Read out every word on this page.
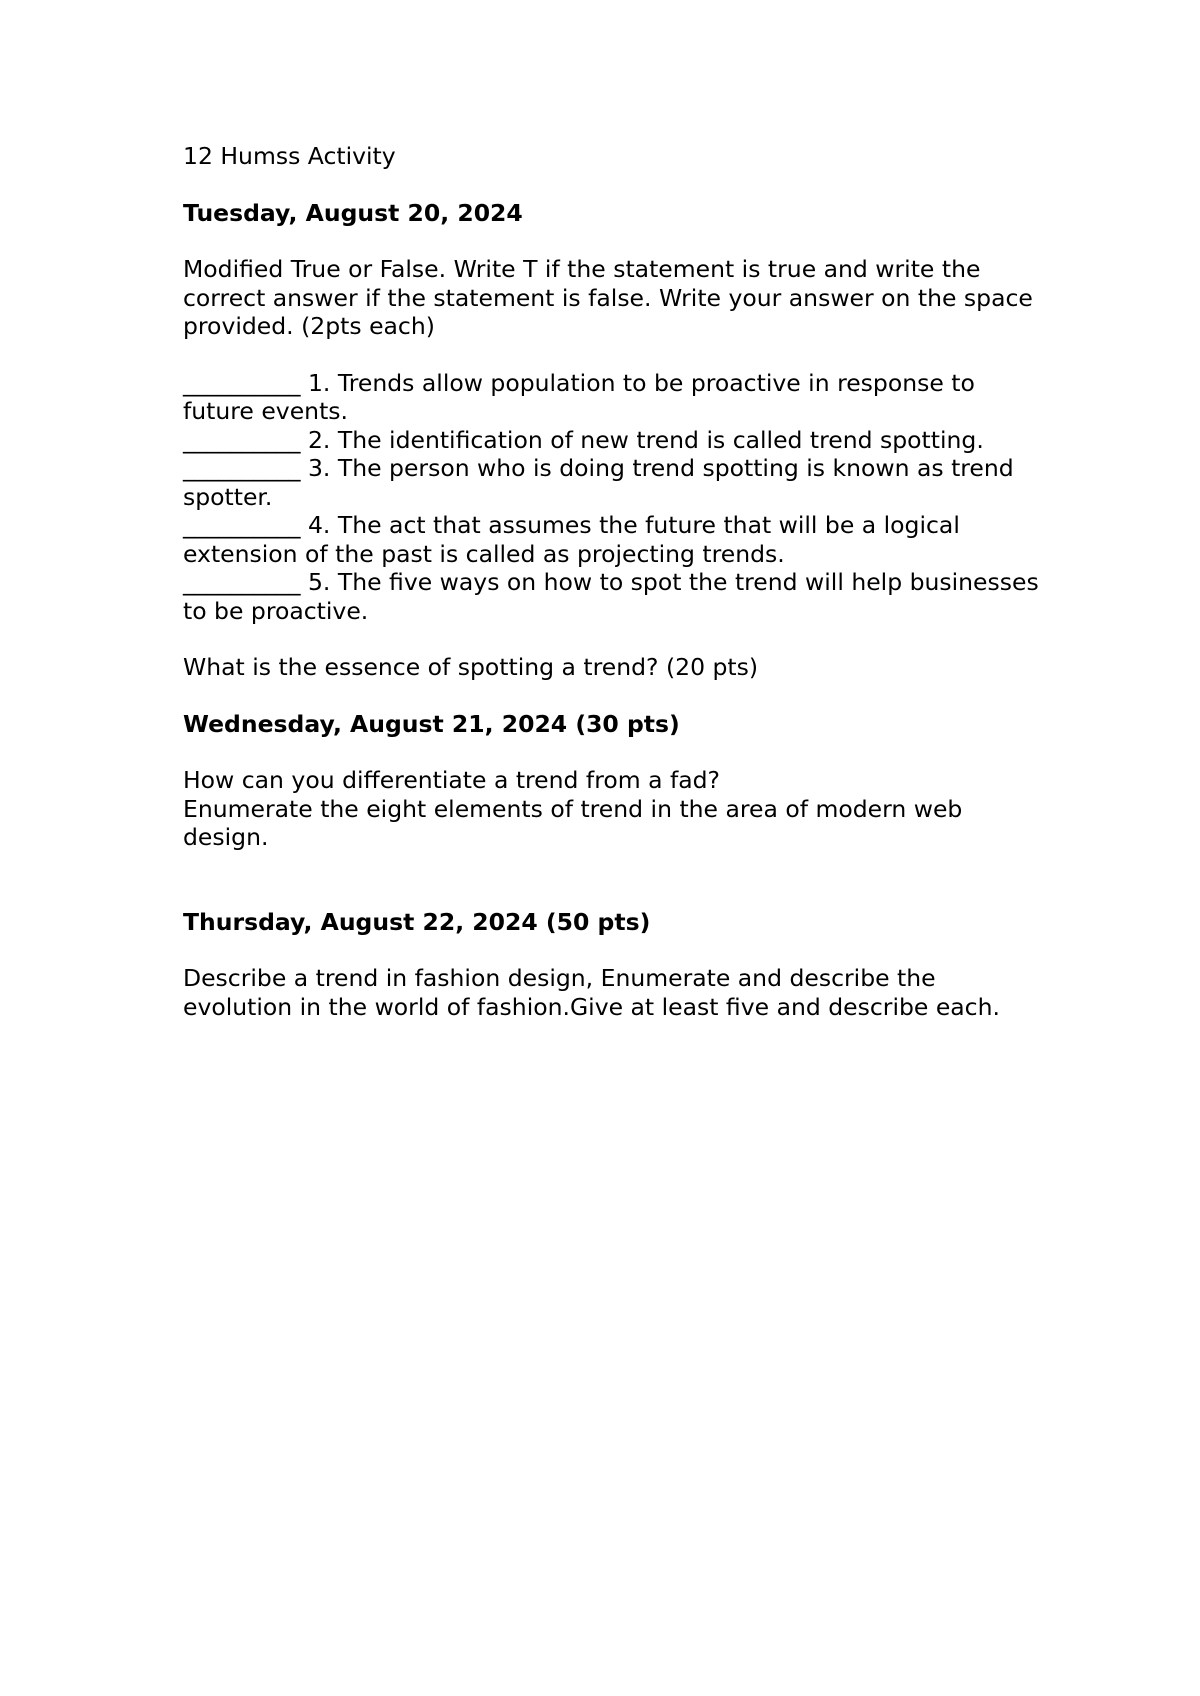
12 Humss Activity

Tuesday, August 20, 2024

Modified True or False. Write T if the statement is true and write the correct answer if the statement is false. Write your answer on the space provided. (2pts each)

__________ 1. Trends allow population to be proactive in response to future events.

__________ 2. The identification of new trend is called trend spotting.

__________ 3. The person who is doing trend spotting is known as trend spotter.

__________ 4. The act that assumes the future that will be a logical extension of the past is called as projecting trends.

__________ 5. The five ways on how to spot the trend will help businesses to be proactive.

What is the essence of spotting a trend? (20 pts)

Wednesday, August 21, 2024 (30 pts)

How can you differentiate a trend from a fad?

Enumerate the eight elements of trend in the area of modern web design.

Thursday, August 22, 2024 (50 pts)

Describe a trend in fashion design, Enumerate and describe the evolution in the world of fashion.Give at least five and describe each.
